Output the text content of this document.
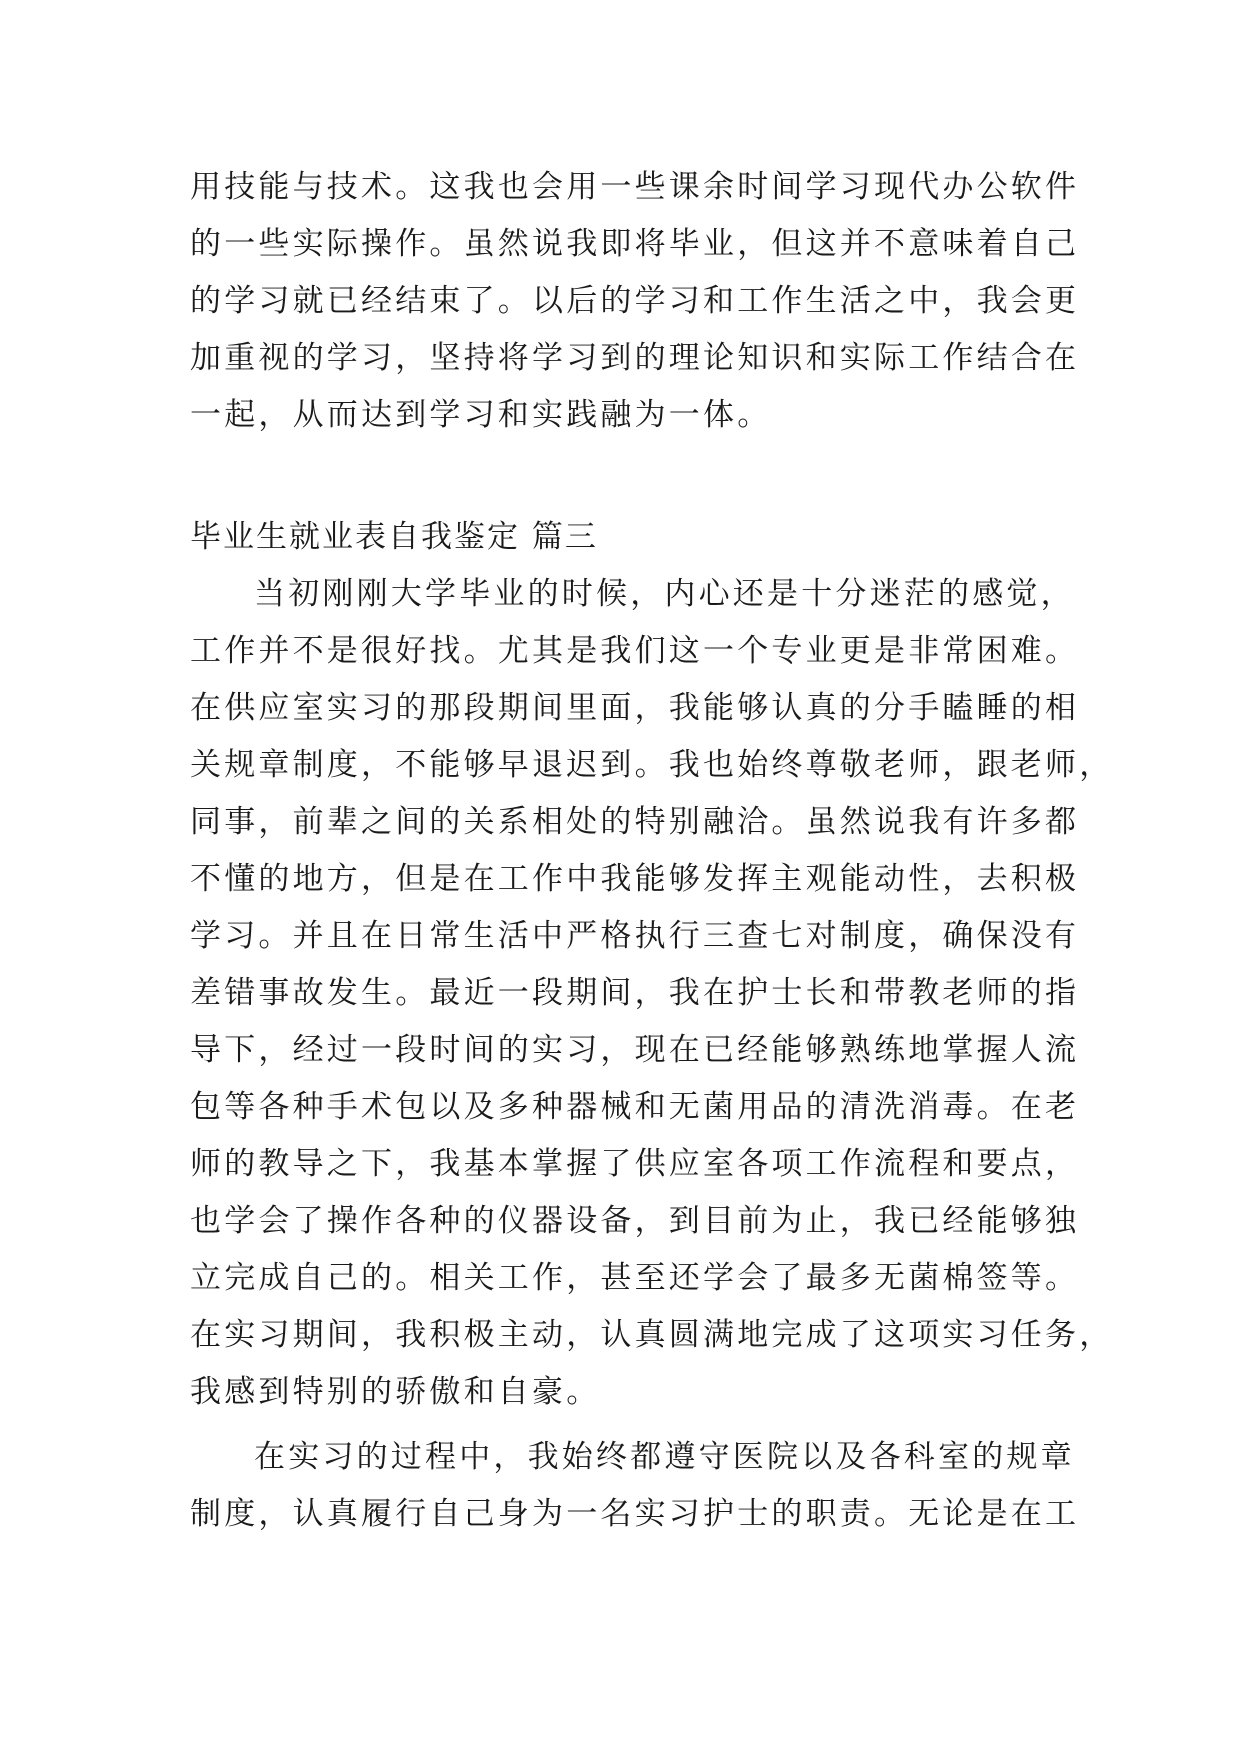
用技能与技术。这我也会用一些课余时间学习现代办公软件
的一些实际操作。虽然说我即将毕业，但这并不意味着自己
的学习就已经结束了。以后的学习和工作生活之中，我会更
加重视的学习，坚持将学习到的理论知识和实际工作结合在
一起，从而达到学习和实践融为一体。
毕业生就业表自我鉴定 篇三
当初刚刚大学毕业的时候，内心还是十分迷茫的感觉，
工作并不是很好找。尤其是我们这一个专业更是非常困难。
在供应室实习的那段期间里面，我能够认真的分手瞌睡的相
关规章制度，不能够早退迟到。我也始终尊敬老师，跟老师，
同事，前辈之间的关系相处的特别融洽。虽然说我有许多都
不懂的地方，但是在工作中我能够发挥主观能动性，去积极
学习。并且在日常生活中严格执行三查七对制度，确保没有
差错事故发生。最近一段期间，我在护士长和带教老师的指
导下，经过一段时间的实习，现在已经能够熟练地掌握人流
包等各种手术包以及多种器械和无菌用品的清洗消毒。在老
师的教导之下，我基本掌握了供应室各项工作流程和要点，
也学会了操作各种的仪器设备，到目前为止，我已经能够独
立完成自己的。相关工作，甚至还学会了最多无菌棉签等。
在实习期间，我积极主动，认真圆满地完成了这项实习任务，
我感到特别的骄傲和自豪。
在实习的过程中，我始终都遵守医院以及各科室的规章
制度，认真履行自己身为一名实习护士的职责。无论是在工
